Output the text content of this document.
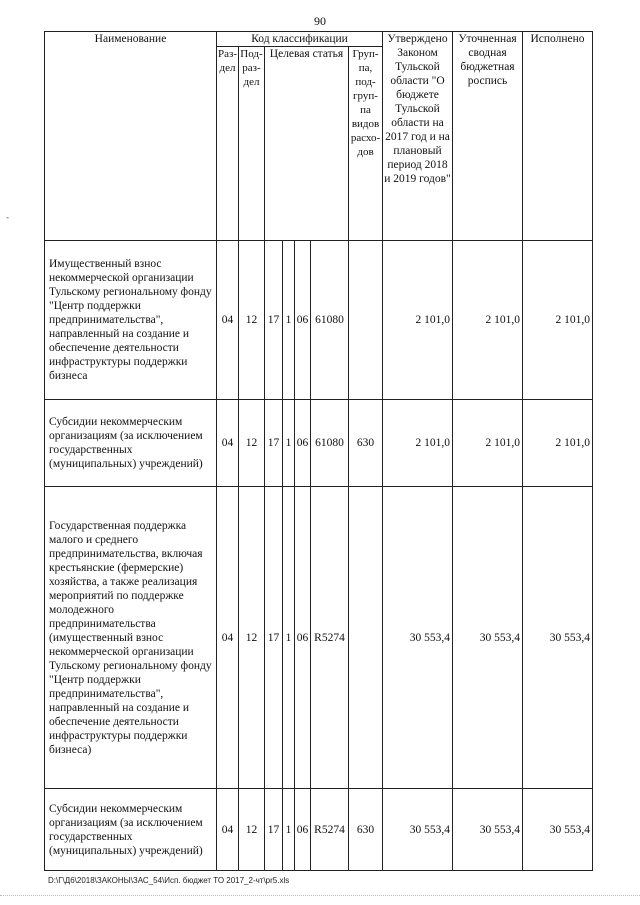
90
-
Наименование	Код классификации							Утверждено Законом Тульской области "О бюджете Тульской области на 2017 год и на плановый период 2018 и 2019 годов"	Уточненная сводная бюджетная роспись	Исполнено
	Раз-дел	Под-раз-дел	Целевая статья				Груп-па, под-груп-па видов расхо-дов			
Имущественный взнос некоммерческой организации Тульскому региональному фонду "Центр поддержки предпринимательства", направленный на создание и обеспечение деятельности инфраструктуры поддержки бизнеса	04	12	17	1	06	61080		2 101,0	2 101,0	2 101,0
Субсидии некоммерческим организациям (за исключением государственных (муниципальных) учреждений)	04	12	17	1	06	61080	630	2 101,0	2 101,0	2 101,0
Государственная поддержка малого и среднего предпринимательства, включая крестьянские (фермерские) хозяйства, а также реализация мероприятий по поддержке молодежного предпринимательства (имущественный взнос некоммерческой организации Тульскому региональному фонду "Центр поддержки предпринимательства", направленный на создание и обеспечение деятельности инфраструктуры поддержки бизнеса)	04	12	17	1	06	R5274		30 553,4	30 553,4	30 553,4
Субсидии некоммерческим организациям (за исключением государственных (муниципальных) учреждений)	04	12	17	1	06	R5274	630	30 553,4	30 553,4	30 553,4
D:\Г\Д6\2018\ЗАКОНЫ\ЗАС_54\Исп. бюджет ТО 2017_2-чт\pr5.xls
